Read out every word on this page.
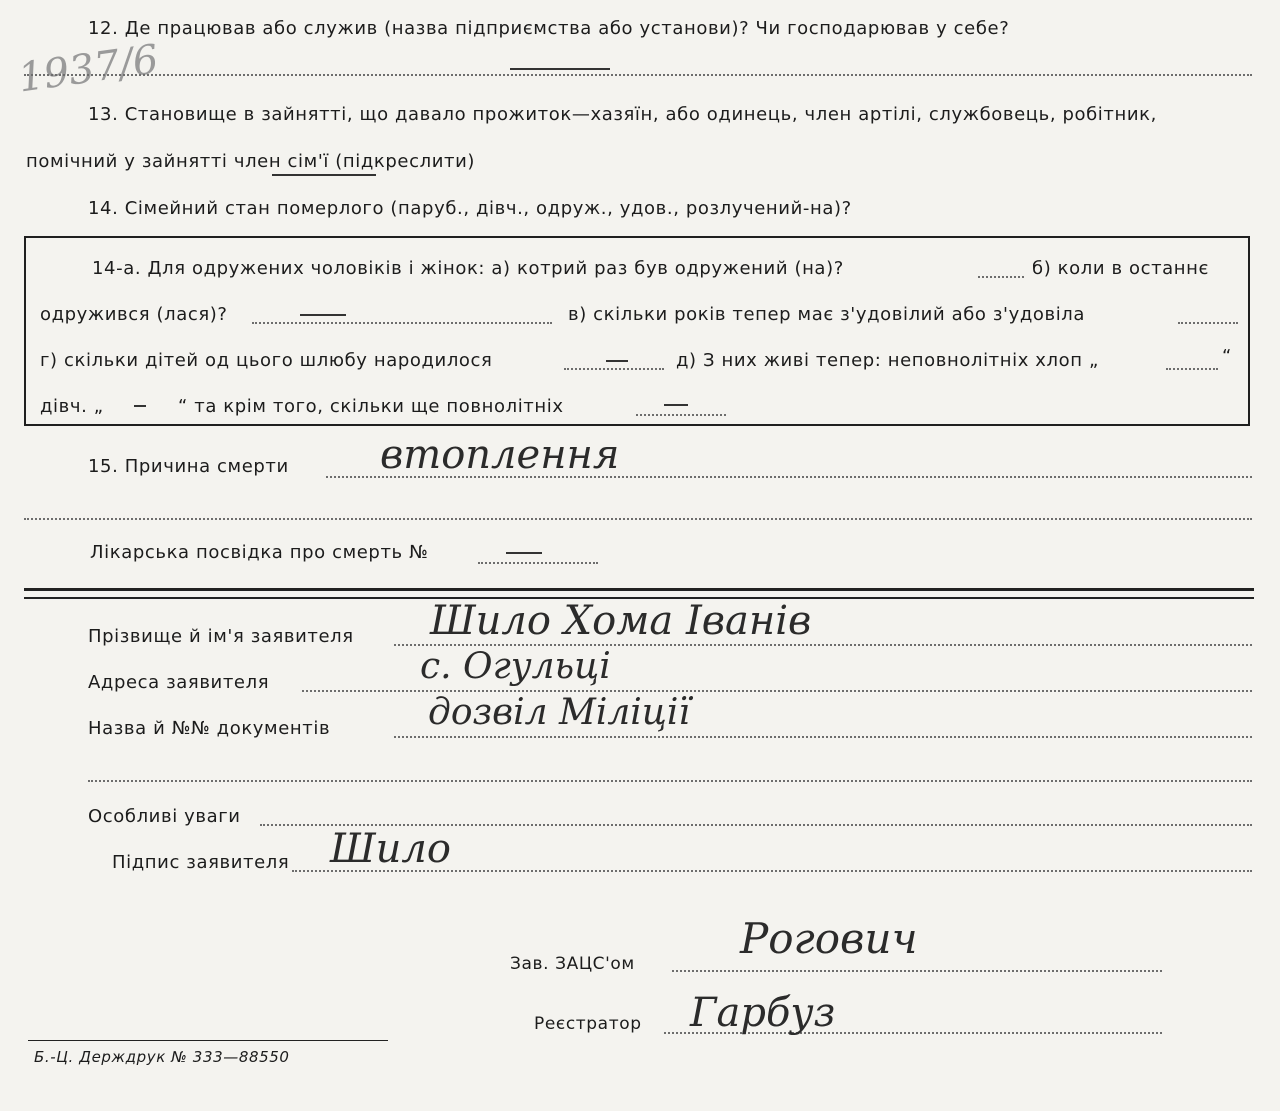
1937/6
12. Де працював або служив (назва підприємства або установи)? Чи господарював у себе?
13. Становище в зайнятті, що давало прожиток—хазяїн, або одинець, член артілі, службовець, робітник,
помічний у зайнятті член сім'ї (підкреслити)
14. Сімейний стан померлого (паруб., дівч., одруж., удов., розлучений-на)?
14-а. Для одружених чоловіків і жінок: а) котрий раз був одружений (на)?	б) коли в останнє
одружився (лася)?	в) скільки років тепер має з'удовілий або з'удовіла
г) скільки дітей од цього шлюбу народилося	д) З них живі тепер: неповнолітніх хлоп „	“
дівч. „	“ та крім того, скільки ще повнолітніх
15. Причина смерти втоплення
Лікарська посвідка про смерть №
Прізвище й ім'я заявителя Шило Хома Іванів
Адреса заявителя	с. Огульці
Назва й №№ документів	дозвіл Міліції
Особливі уваги
Підпис заявителя Шило
Зав. ЗАЦС'ом
Рогович
Реєстратор Гарбуз
Б.-Ц. Держдрук № 333—88550
